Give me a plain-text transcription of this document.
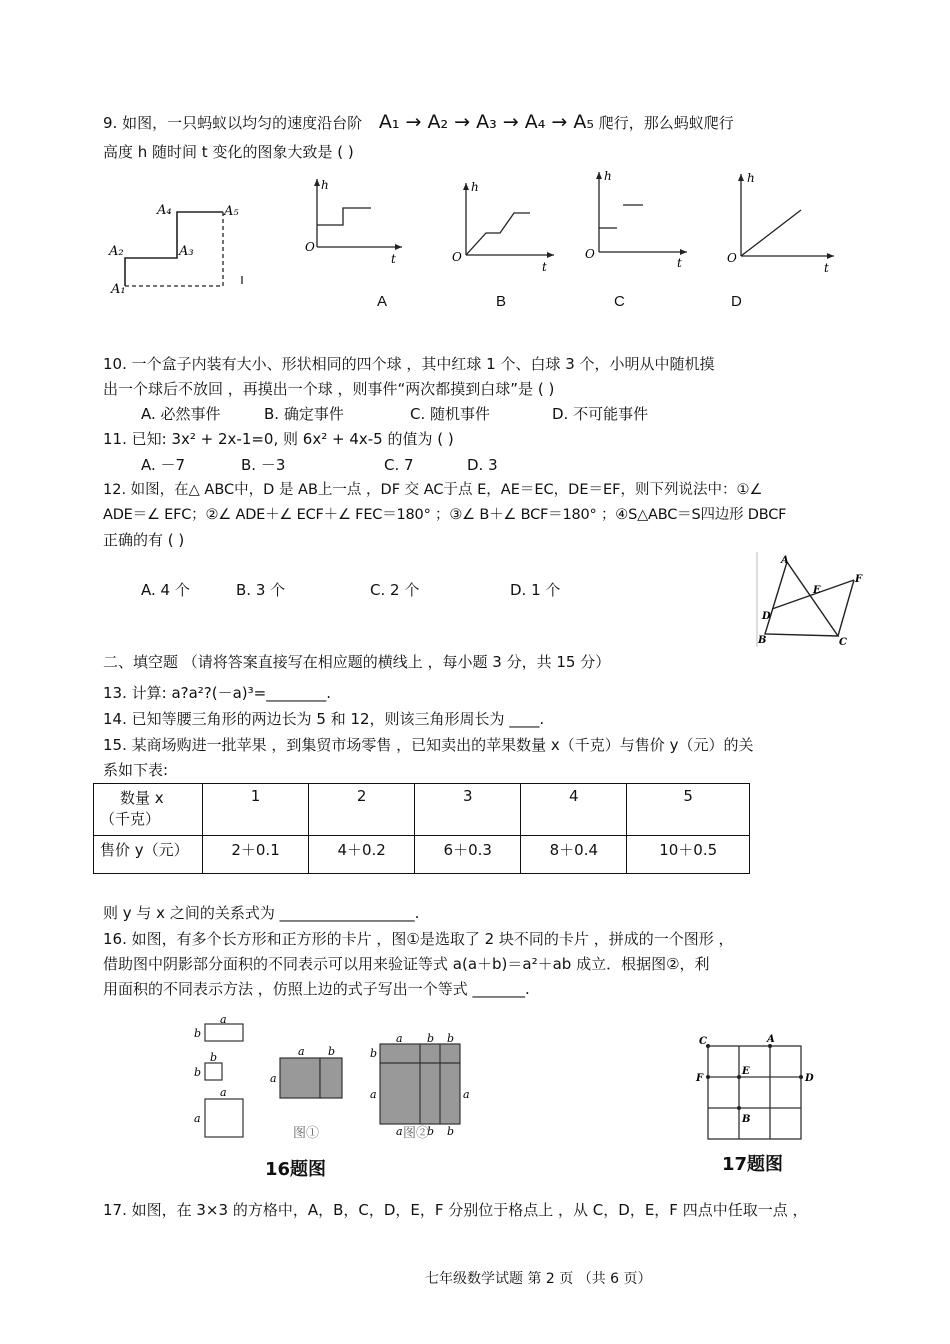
9. 如图，一只蚂蚁以均匀的速度沿台阶 A₁ → A₂ → A₃ → A₄ → A₅ 爬行，那么蚂蚁爬行
高度 h 随时间 t 变化的图象大致是 ( )
A₁
A₂	A₃
A₄	A₅
h
O
t
h
O
t
h
O
t
h
O
t
A	B	C	D
10. 一个盒子内装有大小、形状相同的四个球 ，其中红球 1 个、白球 3 个，小明从中随机摸
出一个球后不放回 ，再摸出一个球 ，则事件“两次都摸到白球”是 ( )
A. 必然事件	B. 确定事件	C. 随机事件	D. 不可能事件
11. 已知: 3x² + 2x-1=0, 则 6x² + 4x-5 的值为 ( )
A. －7	B. －3	C. 7	D. 3
12. 如图，在△ ABC中，D 是 AB上一点 ，DF 交 AC于点 E，AE＝EC，DE＝EF，则下列说法中：①∠
ADE＝∠ EFC；②∠ ADE＋∠ ECF＋∠ FEC＝180° ；③∠ B＋∠ BCF＝180° ；④S△ABC＝S四边形 DBCF
正确的有 ( )
A. 4 个	B. 3 个	C. 2 个	D. 1 个
A
B	C
D
E
F
二、填空题 （请将答案直接写在相应题的横线上 ，每小题 3 分，共 15 分）
13. 计算: a?a²?(－a)³=________.
14. 已知等腰三角形的两边长为 5 和 12，则该三角形周长为 ____.
15. 某商场购进一批苹果 ，到集贸市场零售 ，已知卖出的苹果数量 x（千克）与售价 y（元）的关
系如下表:
数量 x
（千克）	1	2	3	4	5
售价 y（元）	2＋0.1	4＋0.2	6＋0.3	8＋0.4	10＋0.5
则 y 与 x 之间的关系式为 __________________.
16. 如图，有多个长方形和正方形的卡片 ，图①是选取了 2 块不同的卡片 ，拼成的一个图形 ，
借助图中阴影部分面积的不同表示可以用来验证等式 a(a＋b)＝a²＋ab 成立．根据图②，利
用面积的不同表示方法 ，仿照上边的式子写出一个等式 _______.
a
b
b
b
a
a
a b
a
图①
a b b
b
a	a
a b b
图②
16题图
A
B
C
D
E
F
17题图
17. 如图，在 3×3 的方格中，A，B，C，D，E，F 分别位于格点上 ，从 C，D，E，F 四点中任取一点 ，
七年级数学试题 第 2 页 （共 6 页）
